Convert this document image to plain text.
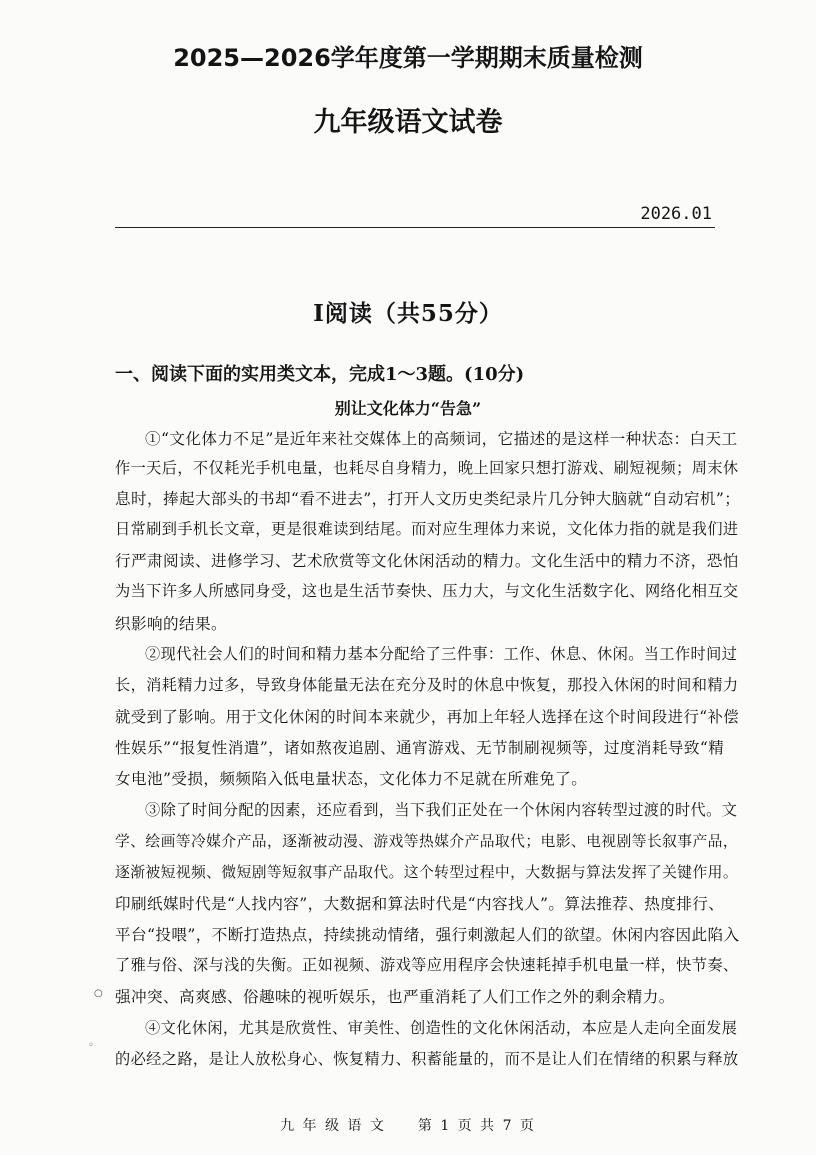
2025—2026学年度第一学期期末质量检测
九年级语文试卷
2026.01
Ⅰ阅读（共55分）
一、阅读下面的实用类文本，完成1～3题。(10分)
别让文化体力“告急”
①“文化体力不足”是近年来社交媒体上的高频词，它描述的是这样一种状态：白天工
作一天后，不仅耗光手机电量，也耗尽自身精力，晚上回家只想打游戏、刷短视频；周末休
息时，捧起大部头的书却“看不进去”，打开人文历史类纪录片几分钟大脑就“自动宕机”；
日常刷到手机长文章，更是很难读到结尾。而对应生理体力来说，文化体力指的就是我们进
行严肃阅读、进修学习、艺术欣赏等文化休闲活动的精力。文化生活中的精力不济，恐怕
为当下许多人所感同身受，这也是生活节奏快、压力大，与文化生活数字化、网络化相互交
织影响的结果。
②现代社会人们的时间和精力基本分配给了三件事：工作、休息、休闲。当工作时间过
长，消耗精力过多，导致身体能量无法在充分及时的休息中恢复，那投入休闲的时间和精力
就受到了影响。用于文化休闲的时间本来就少，再加上年轻人选择在这个时间段进行“补偿
性娱乐”“报复性消遣”，诸如熬夜追剧、通宵游戏、无节制刷视频等，过度消耗导致“精
女电池”受损，频频陷入低电量状态，文化体力不足就在所难免了。
③除了时间分配的因素，还应看到，当下我们正处在一个休闲内容转型过渡的时代。文
学、绘画等冷媒介产品，逐渐被动漫、游戏等热媒介产品取代；电影、电视剧等长叙事产品，
逐渐被短视频、微短剧等短叙事产品取代。这个转型过程中，大数据与算法发挥了关键作用。
印刷纸媒时代是“人找内容”，大数据和算法时代是“内容找人”。算法推荐、热度排行、
平台“投喂”，不断打造热点，持续挑动情绪，强行刺激起人们的欲望。休闲内容因此陷入
了雅与俗、深与浅的失衡。正如视频、游戏等应用程序会快速耗掉手机电量一样，快节奏、
强冲突、高爽感、俗趣味的视听娱乐，也严重消耗了人们工作之外的剩余精力。
④文化休闲，尤其是欣赏性、审美性、创造性的文化休闲活动，本应是人走向全面发展
的必经之路，是让人放松身心、恢复精力、积蓄能量的，而不是让人们在情绪的积累与释放
○
◦
九 年 级 语 文　　第 1 页 共 7 页
